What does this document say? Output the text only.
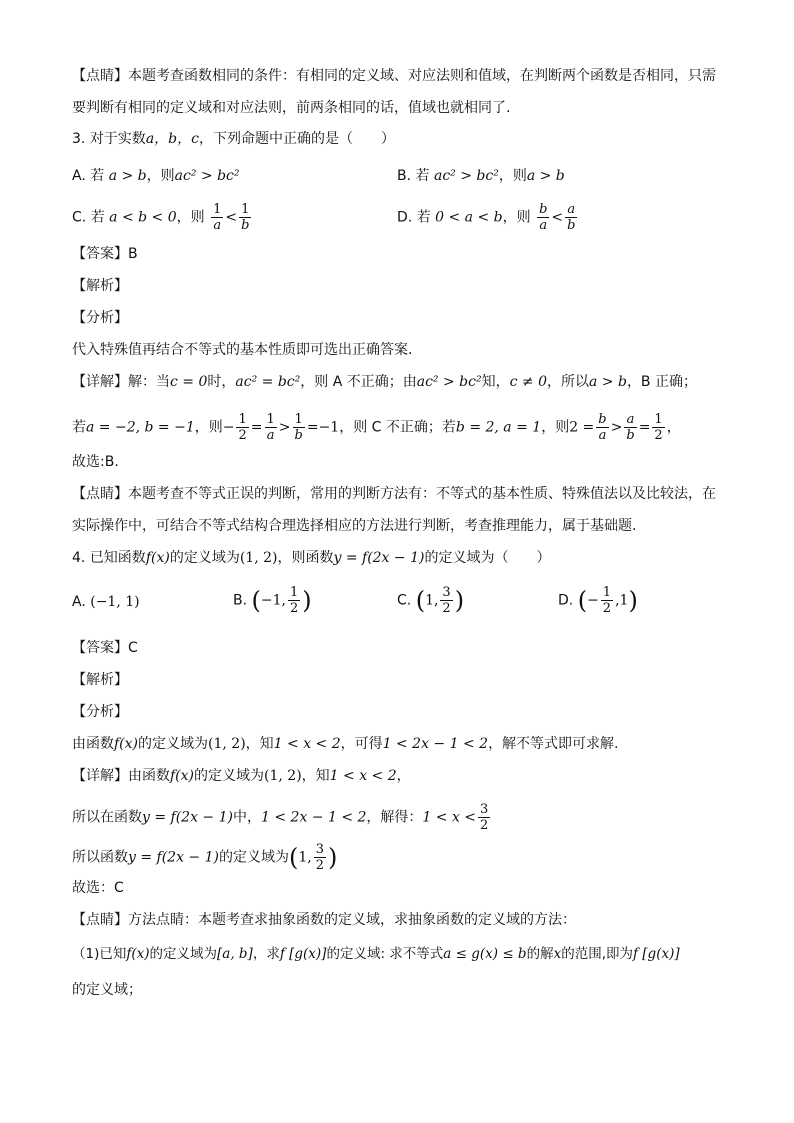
【点睛】本题考查函数相同的条件：有相同的定义域、对应法则和值域，在判断两个函数是否相同，只需
要判断有相同的定义域和对应法则，前两条相同的话，值域也就相同了.
3. 对于实数a，b，c，下列命题中正确的是（　　）
A. 若 a > b，则ac² > bc²	B. 若 ac² > bc²，则a > b
C. 若 a < b < 0，则 $\frac{1}{a} < \frac{1}{b}$	D. 若 0 < a < b，则 $\frac{b}{a} < \frac{a}{b}$
【答案】B
【解析】
【分析】
代入特殊值再结合不等式的基本性质即可选出正确答案.
【详解】解：当c = 0时，ac² = bc²，则 A 不正确；由ac² > bc²知，c ≠ 0，所以a > b，B 正确；
若a = −2, b = −1，则− $\frac{1}{2} = \frac{1}{a} > \frac{1}{b} =-1$，则 C 不正确；若b = 2, a = 1，则$2 = \frac{b}{a} > \frac{a}{b} = \frac{1}{2}$ ，
故选:B.
【点睛】本题考查不等式正误的判断，常用的判断方法有：不等式的基本性质、特殊值法以及比较法，在
实际操作中，可结合不等式结构合理选择相应的方法进行判断，考查推理能力，属于基础题.
4. 已知函数f(x)的定义域为(1, 2)，则函数y = f(2x − 1)的定义域为（　　）
A. (−1, 1)	B. (−1, $\frac{1}{2}$ )	C. (1, $\frac{3}{2}$ )	D. (− $\frac{1}{2} ,1$)
【答案】C
【解析】
【分析】
由函数f(x)的定义域为(1, 2)，知1 < x < 2，可得1 < 2x − 1 < 2，解不等式即可求解.
【详解】由函数f(x)的定义域为(1, 2)，知1 < x < 2，
所以在函数y = f(2x − 1)中，1 < 2x − 1 < 2，解得：$1 < x < \frac{3}{2}$
所以函数y = f(2x − 1)的定义域为(1, $\frac{3}{2}$ )
故选：C
【点睛】方法点睛：本题考查求抽象函数的定义域，求抽象函数的定义域的方法：
（1)已知f(x)的定义域为[a, b]，求f [g(x)]的定义域: 求不等式a ≤ g(x) ≤ b的解x的范围,即为f [g(x)]
的定义域；
